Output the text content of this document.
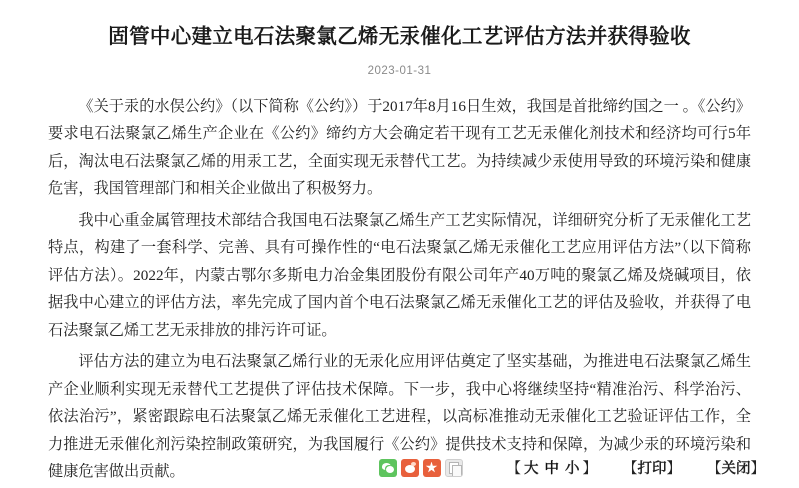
固管中心建立电石法聚氯乙烯无汞催化工艺评估方法并获得验收
2023-01-31

《关于汞的水俣公约》（以下简称《公约》）于2017年8月16日生效，我国是首批缔约国之一 。《公约》要求电石法聚氯乙烯生产企业在《公约》缔约方大会确定若干现有工艺无汞催化剂技术和经济均可行5年后，淘汰电石法聚氯乙烯的用汞工艺，全面实现无汞替代工艺。为持续减少汞使用导致的环境污染和健康危害，我国管理部门和相关企业做出了积极努力。

我中心重金属管理技术部结合我国电石法聚氯乙烯生产工艺实际情况，详细研究分析了无汞催化工艺特点，构建了一套科学、完善、具有可操作性的“电石法聚氯乙烯无汞催化工艺应用评估方法”（以下简称评估方法）。2022年，内蒙古鄂尔多斯电力冶金集团股份有限公司年产40万吨的聚氯乙烯及烧碱项目，依据我中心建立的评估方法，率先完成了国内首个电石法聚氯乙烯无汞催化工艺的评估及验收，并获得了电石法聚氯乙烯工艺无汞排放的排污许可证。

评估方法的建立为电石法聚氯乙烯行业的无汞化应用评估奠定了坚实基础，为推进电石法聚氯乙烯生产企业顺利实现无汞替代工艺提供了评估技术保障。下一步，我中心将继续坚持“精准治污、科学治污、依法治污”，紧密跟踪电石法聚氯乙烯无汞催化工艺进程，以高标准推动无汞催化工艺验证评估工作，全力推进无汞催化剂污染控制政策研究，为我国履行《公约》提供技术支持和保障，为减少汞的环境污染和健康危害做出贡献。	【 大 中 小 】 【打印】 【关闭】
